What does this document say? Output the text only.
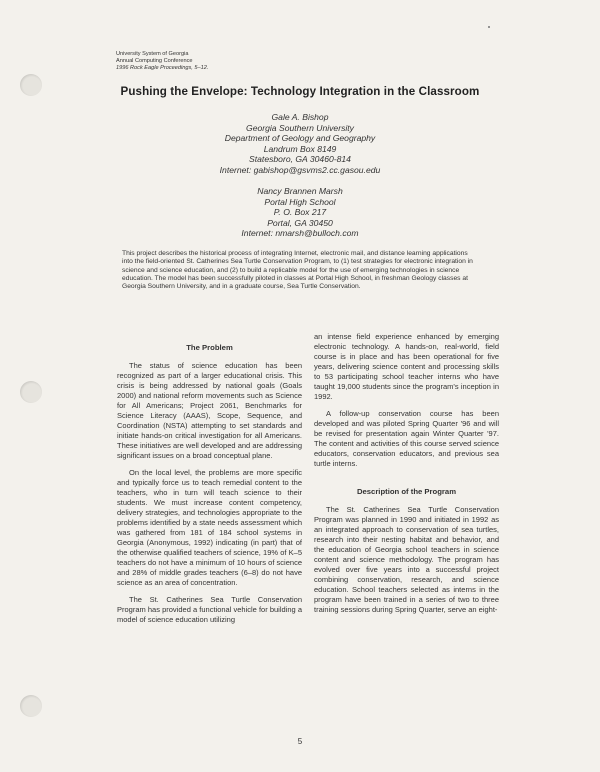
University System of Georgia
Annual Computing Conference
1996 Rock Eagle Proceedings, 5–12.
Pushing the Envelope: Technology Integration in the Classroom
Gale A. Bishop
Georgia Southern University
Department of Geology and Geography
Landrum Box 8149
Statesboro, GA 30460-814
Internet: gabishop@gsvms2.cc.gasou.edu
Nancy Brannen Marsh
Portal High School
P. O. Box 217
Portal, GA 30450
Internet: nmarsh@bulloch.com
This project describes the historical process of integrating Internet, electronic mail, and distance learning applications into the field-oriented St. Catherines Sea Turtle Conservation Program, to (1) test strategies for electronic integration in science and science education, and (2) to build a replicable model for the use of emerging technologies in science education. The model has been successfully piloted in classes at Portal High School, in freshman Geology classes at Georgia Southern University, and in a graduate course, Sea Turtle Conservation.
The Problem

The status of science education has been recognized as part of a larger educational crisis. This crisis is being addressed by national goals (Goals 2000) and national reform movements such as Science for All Americans; Project 2061, Benchmarks for Science Literacy (AAAS), Scope, Sequence, and Coordination (NSTA) attempting to set standards and initiate hands-on critical investigation for all Americans. These initiatives are well developed and are addressing significant issues on a broad conceptual plane.

On the local level, the problems are more specific and typically force us to teach remedial content to the teachers, who in turn will teach science to their students. We must increase content competency, delivery strategies, and technologies appropriate to the problems identified by a state needs assessment which was gathered from 181 of 184 school systems in Georgia (Anonymous, 1992) indicating (in part) that of the otherwise qualified teachers of science, 19% of K–5 teachers do not have a minimum of 10 hours of science and 28% of middle grades teachers (6–8) do not have science as an area of concentration.

The St. Catherines Sea Turtle Conservation Program has provided a functional vehicle for building a model of science education utilizing

an intense field experience enhanced by emerging electronic technology. A hands-on, real-world, field course is in place and has been operational for five years, delivering science content and processing skills to 53 participating school teacher interns who have taught 19,000 students since the program's inception in 1992.

A follow-up conservation course has been developed and was piloted Spring Quarter '96 and will be revised for presentation again Winter Quarter '97. The content and activities of this course served science educators, conservation educators, and previous sea turtle interns.

Description of the Program

The St. Catherines Sea Turtle Conservation Program was planned in 1990 and initiated in 1992 as an integrated approach to conservation of sea turtles, research into their nesting habitat and behavior, and the education of Georgia school teachers in science content and science methodology. The program has evolved over five years into a successful project combining conservation, research, and science education. School teachers selected as interns in the program have been trained in a series of two to three training sessions during Spring Quarter, serve an eight-

5
